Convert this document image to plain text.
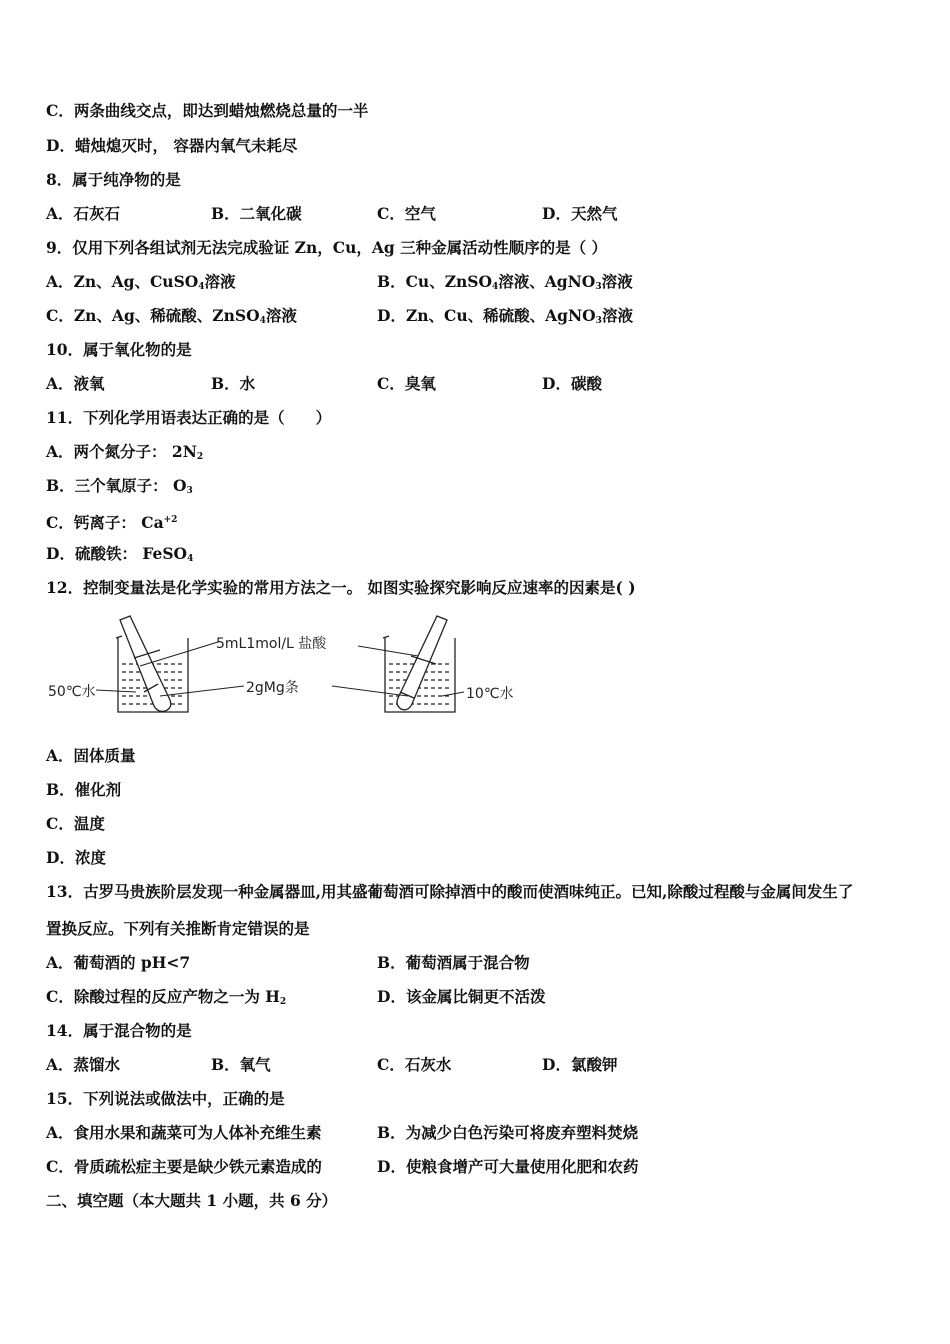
C．两条曲线交点，即达到蜡烛燃烧总量的一半
D．蜡烛熄灭时， 容器内氧气未耗尽
8．属于纯净物的是
A．石灰石	B．二氧化碳	C．空气	D．天然气
9．仅用下列各组试剂无法完成验证 Zn，Cu，Ag 三种金属活动性顺序的是（ ）
A．Zn、Ag、CuSO$_4$溶液	B．Cu、ZnSO$_4$溶液、AgNO$_3$溶液
C．Zn、Ag、稀硫酸、ZnSO$_4$溶液	D．Zn、Cu、稀硫酸、AgNO$_3$溶液
10．属于氧化物的是
A．液氧	B．水	C．臭氧	D．碳酸
11．下列化学用语表达正确的是（　　）
A．两个氮分子： $2N_2$
B．三个氧原子： $O_3$
C．钙离子： $Ca^{+2}$
D．硫酸铁： FeSO$_4$
12．控制变量法是化学实验的常用方法之一。 如图实验探究影响反应速率的因素是( )
5mL1mol/L 盐酸
2gMg条
50℃水	10℃水
A．固体质量
B．催化剂
C．温度
D．浓度
13．古罗马贵族阶层发现一种金属器皿,用其盛葡萄酒可除掉酒中的酸而使酒味纯正。已知,除酸过程酸与金属间发生了
置换反应。下列有关推断肯定错误的是
A．葡萄酒的 pH<7	B．葡萄酒属于混合物
C．除酸过程的反应产物之一为 $H_2$	D．该金属比铜更不活泼
14．属于混合物的是
A．蒸馏水	B．氧气	C．石灰水	D．氯酸钾
15．下列说法或做法中，正确的是
A．食用水果和蔬菜可为人体补充维生素	B．为减少白色污染可将废弃塑料焚烧
C．骨质疏松症主要是缺少铁元素造成的	D．使粮食增产可大量使用化肥和农药
二、填空题（本大题共 1 小题，共 6 分）
